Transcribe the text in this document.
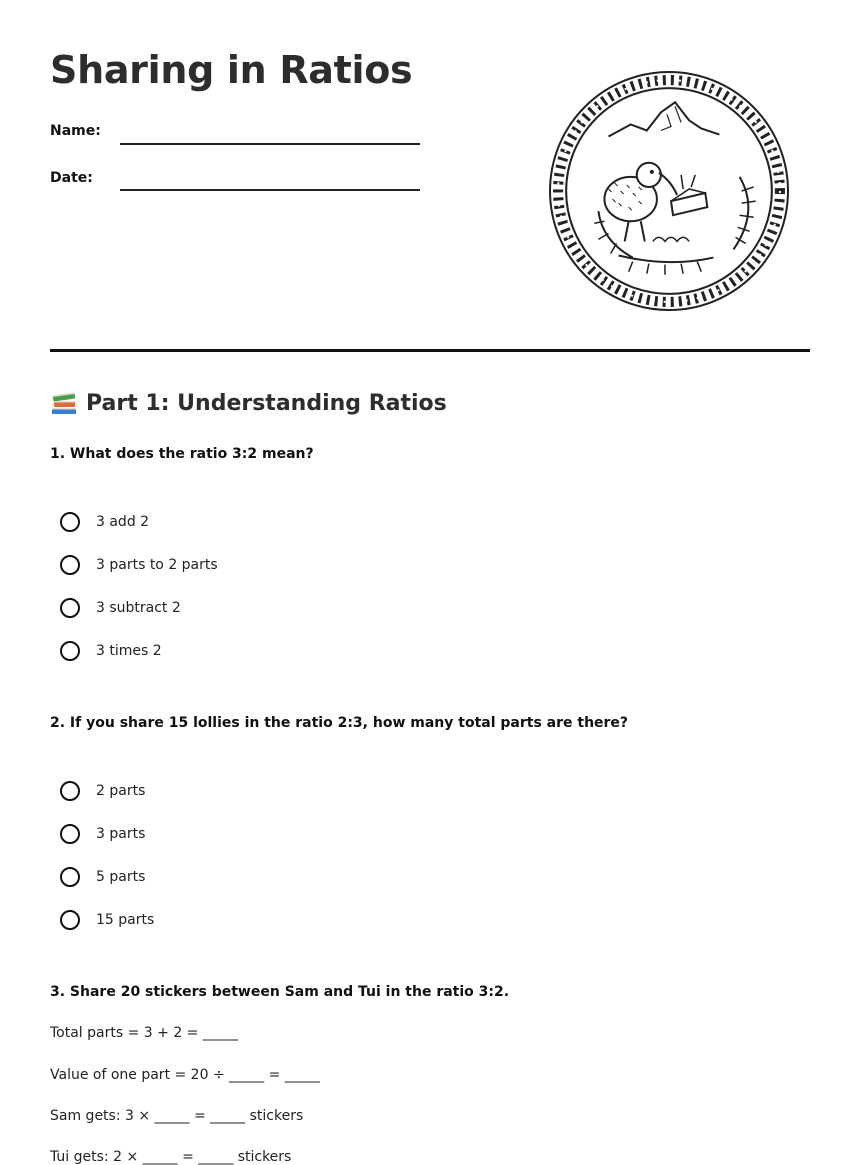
Sharing in Ratios
Name:
Date:
Part 1: Understanding Ratios
1. What does the ratio 3:2 mean?
3 add 2
3 parts to 2 parts
3 subtract 2
3 times 2
2. If you share 15 lollies in the ratio 2:3, how many total parts are there?
2 parts
3 parts
5 parts
15 parts
3. Share 20 stickers between Sam and Tui in the ratio 3:2.
Total parts = 3 + 2 = _____
Value of one part = 20 ÷ _____ = _____
Sam gets: 3 × _____ = _____ stickers
Tui gets: 2 × _____ = _____ stickers
